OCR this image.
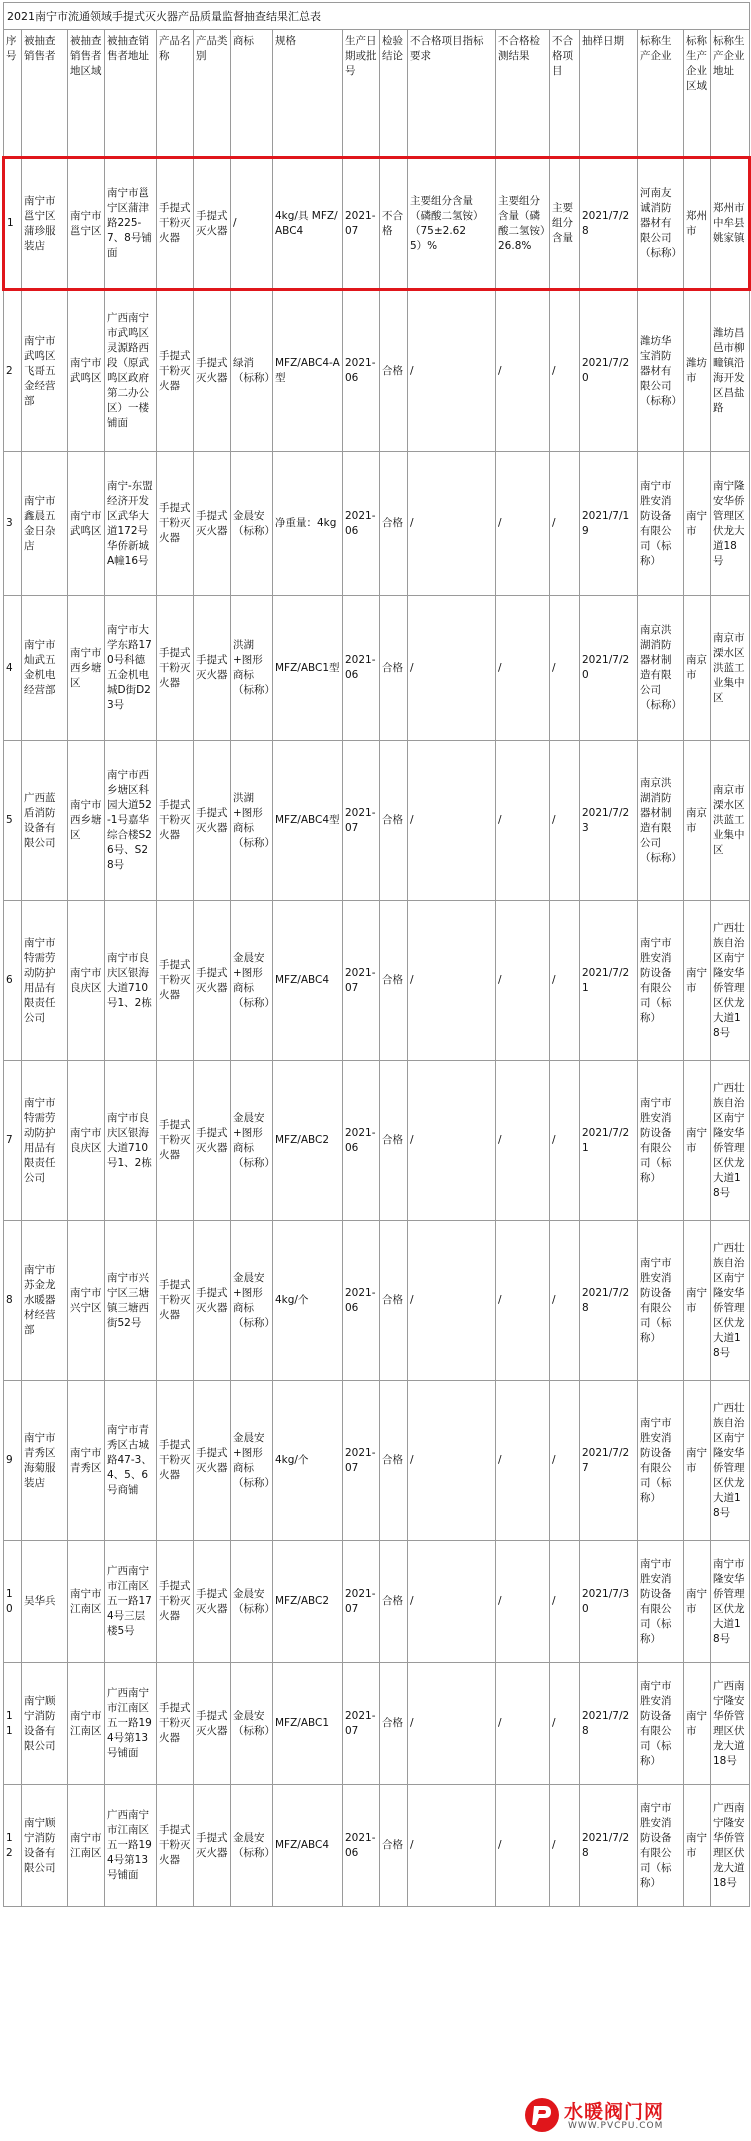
2021南宁市流通领域手提式灭火器产品质量监督抽查结果汇总表																
序号	被抽查销售者	被抽查销售者地区域	被抽查销售者地址	产品名称	产品类别	商标	规格	生产日期或批号	检验结论	不合格项目指标要求	不合格检测结果	不合格项目	抽样日期	标称生产企业	标称生产企业区域	标称生产企业地址
1	南宁市邕宁区蒲珍服装店	南宁市邕宁区	南宁市邕宁区蒲津路225-7、8号铺面	手提式干粉灭火器	手提式灭火器	/	4kg/具 MFZ/ABC4	2021-07	不合格	主要组分含量（磷酸二氢铵）（75±2.625）%	主要组分含量（磷酸二氢铵）26.8%	主要组分含量	2021/7/28	河南友诚消防器材有限公司（标称）	郑州市	郑州市中牟县姚家镇
2	南宁市武鸣区飞哥五金经营部	南宁市武鸣区	广西南宁市武鸣区灵源路西段（原武鸣区政府第二办公区）一楼铺面	手提式干粉灭火器	手提式灭火器	绿消（标称）	MFZ/ABC4-A型	2021-06	合格	/	/	/	2021/7/20	潍坊华宝消防器材有限公司（标称）	潍坊市	潍坊昌邑市柳疃镇沿海开发区昌盐路
3	南宁市鑫晨五金日杂店	南宁市武鸣区	南宁-东盟经济开发区武华大道172号华侨新城A幢16号	手提式干粉灭火器	手提式灭火器	金晨安（标称）	净重量：4kg	2021-06	合格	/	/	/	2021/7/19	南宁市胜安消防设备有限公司（标称）	南宁市	南宁隆安华侨管理区伏龙大道18号
4	南宁市灿武五金机电经营部	南宁市西乡塘区	南宁市大学东路170号科德五金机电城D街D23号	手提式干粉灭火器	手提式灭火器	洪湖+图形商标（标称）	MFZ/ABC1型	2021-06	合格	/	/	/	2021/7/20	南京洪湖消防器材制造有限公司（标称）	南京市	南京市溧水区洪蓝工业集中区
5	广西蓝盾消防设备有限公司	南宁市西乡塘区	南宁市西乡塘区科园大道52-1号嘉华综合楼S26号、S28号	手提式干粉灭火器	手提式灭火器	洪湖+图形商标（标称）	MFZ/ABC4型	2021-07	合格	/	/	/	2021/7/23	南京洪湖消防器材制造有限公司（标称）	南京市	南京市溧水区洪蓝工业集中区
6	南宁市特需劳动防护用品有限责任公司	南宁市良庆区	南宁市良庆区银海大道710号1、2栋	手提式干粉灭火器	手提式灭火器	金晨安+图形商标（标称）	MFZ/ABC4	2021-07	合格	/	/	/	2021/7/21	南宁市胜安消防设备有限公司（标称）	南宁市	广西壮族自治区南宁隆安华侨管理区伏龙大道18号
7	南宁市特需劳动防护用品有限责任公司	南宁市良庆区	南宁市良庆区银海大道710号1、2栋	手提式干粉灭火器	手提式灭火器	金晨安+图形商标（标称）	MFZ/ABC2	2021-06	合格	/	/	/	2021/7/21	南宁市胜安消防设备有限公司（标称）	南宁市	广西壮族自治区南宁隆安华侨管理区伏龙大道18号
8	南宁市苏金龙水暖器材经营部	南宁市兴宁区	南宁市兴宁区三塘镇三塘西街52号	手提式干粉灭火器	手提式灭火器	金晨安+图形商标（标称）	4kg/个	2021-06	合格	/	/	/	2021/7/28	南宁市胜安消防设备有限公司（标称）	南宁市	广西壮族自治区南宁隆安华侨管理区伏龙大道18号
9	南宁市青秀区海菊服装店	南宁市青秀区	南宁市青秀区古城路47-3、4、5、6号商铺	手提式干粉灭火器	手提式灭火器	金晨安+图形商标（标称）	4kg/个	2021-07	合格	/	/	/	2021/7/27	南宁市胜安消防设备有限公司（标称）	南宁市	广西壮族自治区南宁隆安华侨管理区伏龙大道18号
10	吴华兵	南宁市江南区	广西南宁市江南区五一路174号三层楼5号	手提式干粉灭火器	手提式灭火器	金晨安（标称）	MFZ/ABC2	2021-07	合格	/	/	/	2021/7/30	南宁市胜安消防设备有限公司（标称）	南宁市	南宁市隆安华侨管理区伏龙大道18号
11	南宁顾宁消防设备有限公司	南宁市江南区	广西南宁市江南区五一路194号第13号铺面	手提式干粉灭火器	手提式灭火器	金晨安（标称）	MFZ/ABC1	2021-07	合格	/	/	/	2021/7/28	南宁市胜安消防设备有限公司（标称）	南宁市	广西南宁隆安华侨管理区伏龙大道18号
12	南宁顾宁消防设备有限公司	南宁市江南区	广西南宁市江南区五一路194号第13号铺面	手提式干粉灭火器	手提式灭火器	金晨安（标称）	MFZ/ABC4	2021-06	合格	/	/	/	2021/7/28	南宁市胜安消防设备有限公司（标称）	南宁市	广西南宁隆安华侨管理区伏龙大道18号
水暖阀门网
WWW.PVCPU.COM
